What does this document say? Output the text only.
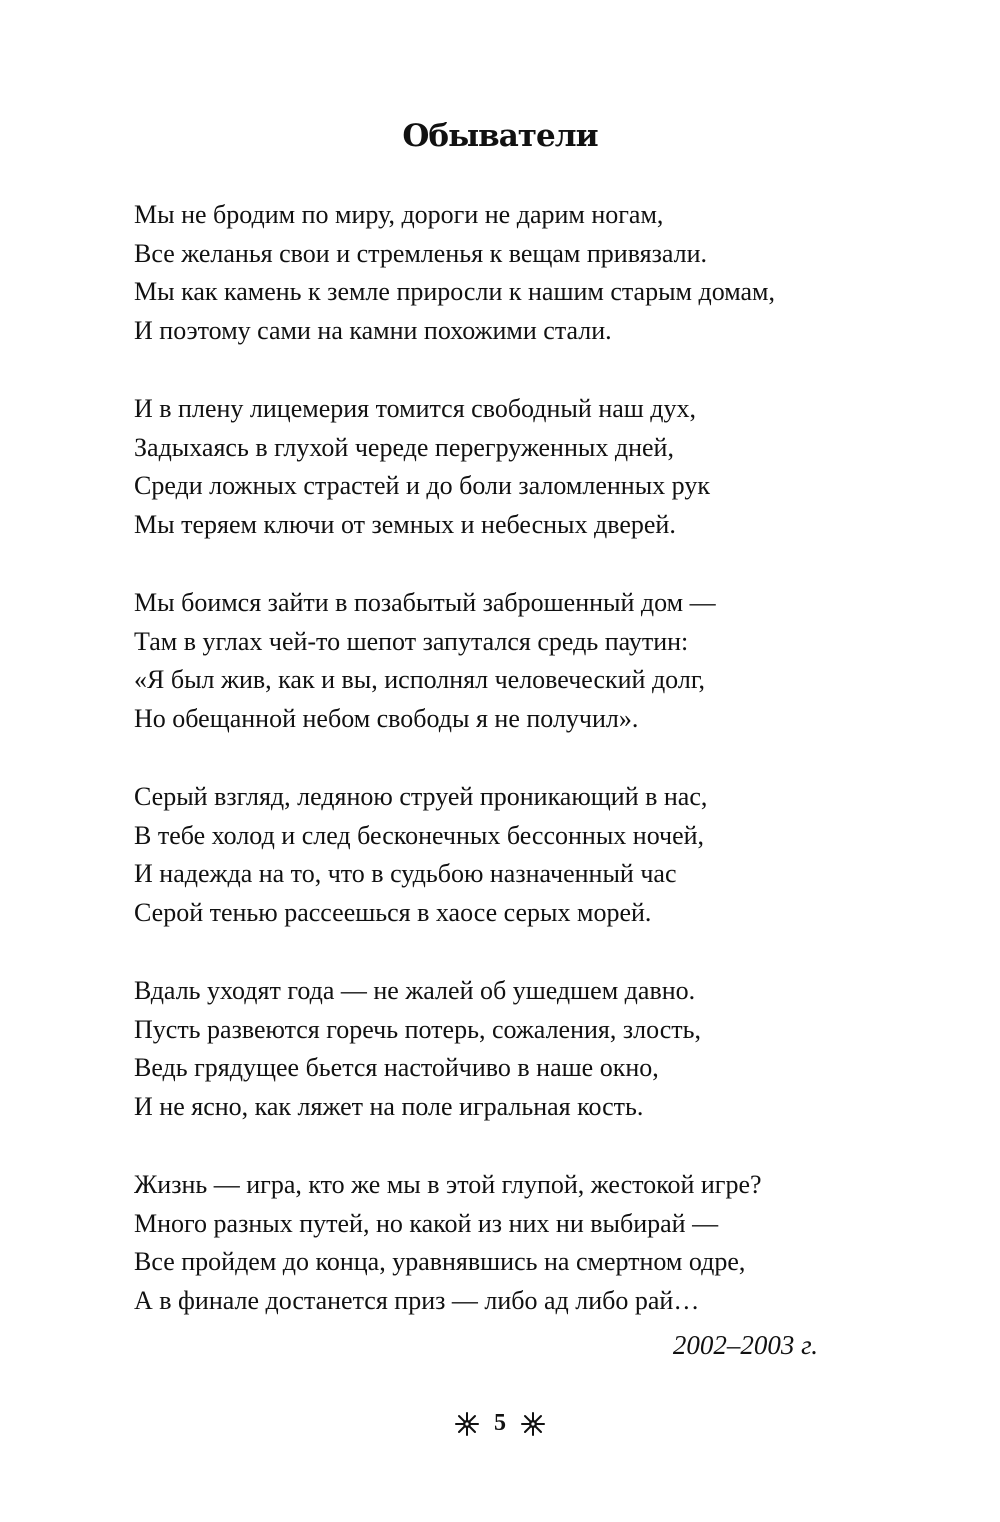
Обыватели
Мы не бродим по миру, дороги не дарим ногам,
Все желанья свои и стремленья к вещам привязали.
Мы как камень к земле приросли к нашим старым домам,
И поэтому сами на камни похожими стали.
И в плену лицемерия томится свободный наш дух,
Задыхаясь в глухой череде перегруженных дней,
Среди ложных страстей и до боли заломленных рук
Мы теряем ключи от земных и небесных дверей.
Мы боимся зайти в позабытый заброшенный дом —
Там в углах чей-то шепот запутался средь паутин:
«Я был жив, как и вы, исполнял человеческий долг,
Но обещанной небом свободы я не получил».
Серый взгляд, ледяною струей проникающий в нас,
В тебе холод и след бесконечных бессонных ночей,
И надежда на то, что в судьбою назначенный час
Серой тенью рассеешься в хаосе серых морей.
Вдаль уходят года — не жалей об ушедшем давно.
Пусть развеются горечь потерь, сожаления, злость,
Ведь грядущее бьется настойчиво в наше окно,
И не ясно, как ляжет на поле игральная кость.
Жизнь — игра, кто же мы в этой глупой, жестокой игре?
Много разных путей, но какой из них ни выбирай —
Все пройдем до конца, уравнявшись на смертном одре,
А в финале достанется приз — либо ад либо рай…
2002–2003 г.
5
